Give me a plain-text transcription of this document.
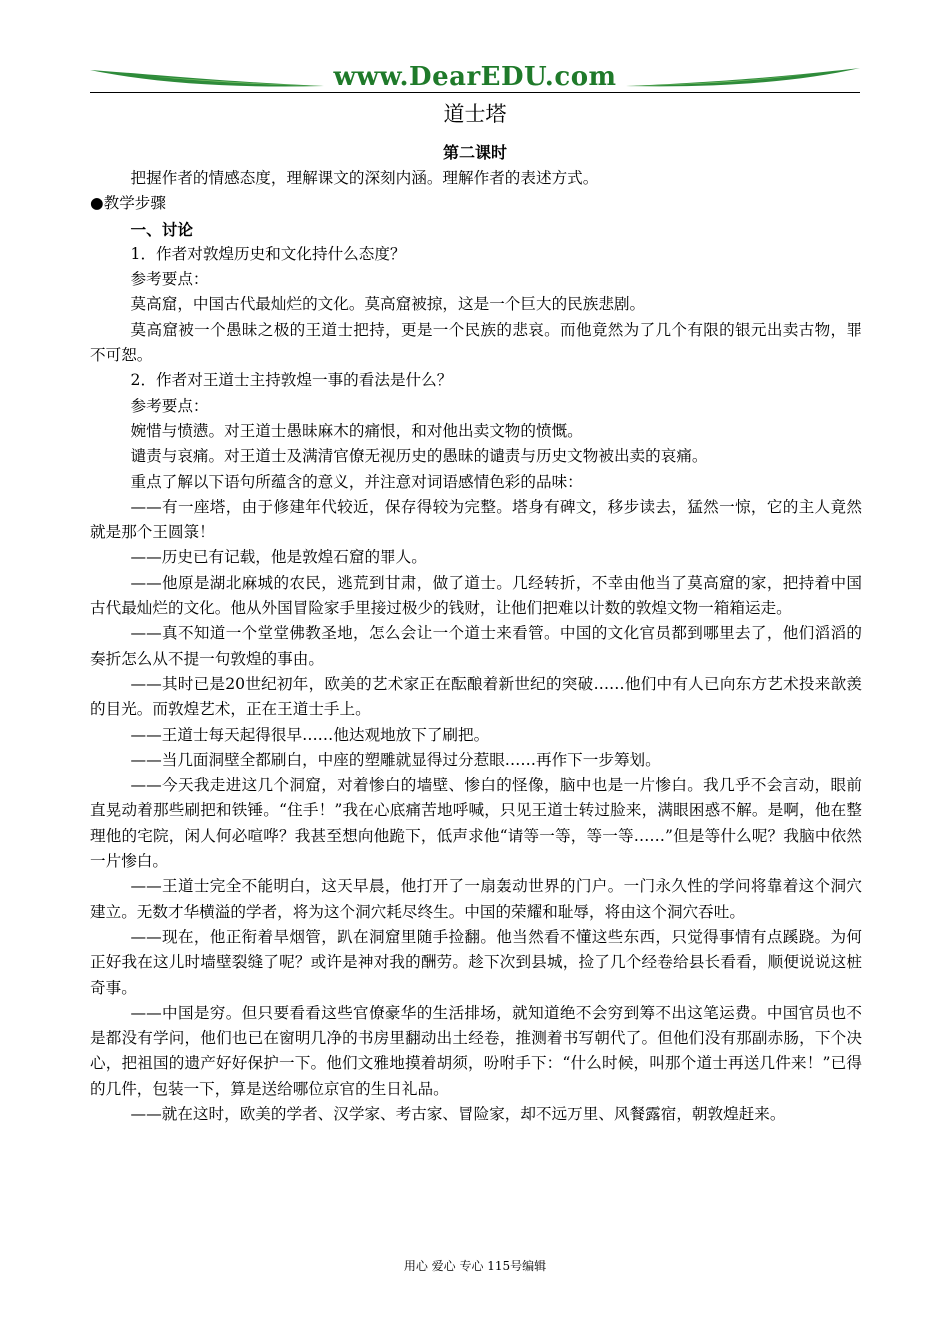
www.DearEDU.com
道士塔
第二课时

把握作者的情感态度，理解课文的深刻内涵。理解作者的表述方式。

●教学步骤

一、讨论

1．作者对敦煌历史和文化持什么态度？

参考要点：

莫高窟，中国古代最灿烂的文化。莫高窟被掠，这是一个巨大的民族悲剧。

莫高窟被一个愚昧之极的王道士把持，更是一个民族的悲哀。而他竟然为了几个有限的银元出卖古物，罪不可恕。

2．作者对王道士主持敦煌一事的看法是什么？

参考要点：

婉惜与愤懑。对王道士愚昧麻木的痛恨，和对他出卖文物的愤慨。

谴责与哀痛。对王道士及满清官僚无视历史的愚昧的谴责与历史文物被出卖的哀痛。

重点了解以下语句所蕴含的意义，并注意对词语感情色彩的品味：

——有一座塔，由于修建年代较近，保存得较为完整。塔身有碑文，移步读去，猛然一惊，它的主人竟然就是那个王圆箓！

——历史已有记载，他是敦煌石窟的罪人。

——他原是湖北麻城的农民，逃荒到甘肃，做了道士。几经转折，不幸由他当了莫高窟的家，把持着中国古代最灿烂的文化。他从外国冒险家手里接过极少的钱财，让他们把难以计数的敦煌文物一箱箱运走。

——真不知道一个堂堂佛教圣地，怎么会让一个道士来看管。中国的文化官员都到哪里去了，他们滔滔的奏折怎么从不提一句敦煌的事由。

——其时已是20世纪初年，欧美的艺术家正在酝酿着新世纪的突破……他们中有人已向东方艺术投来歆羡的目光。而敦煌艺术，正在王道士手上。

——王道士每天起得很早……他达观地放下了刷把。

——当几面洞壁全都刷白，中座的塑雕就显得过分惹眼……再作下一步筹划。

——今天我走进这几个洞窟，对着惨白的墙壁、惨白的怪像，脑中也是一片惨白。我几乎不会言动，眼前直晃动着那些刷把和铁锤。“住手！”我在心底痛苦地呼喊，只见王道士转过脸来，满眼困惑不解。是啊，他在整理他的宅院，闲人何必喧哗？我甚至想向他跪下，低声求他“请等一等，等一等……”但是等什么呢？我脑中依然一片惨白。

——王道士完全不能明白，这天早晨，他打开了一扇轰动世界的门户。一门永久性的学问将靠着这个洞穴建立。无数才华横溢的学者，将为这个洞穴耗尽终生。中国的荣耀和耻辱，将由这个洞穴吞吐。

——现在，他正衔着旱烟管，趴在洞窟里随手捡翻。他当然看不懂这些东西，只觉得事情有点蹊跷。为何正好我在这儿时墙壁裂缝了呢？或许是神对我的酬劳。趁下次到县城，捡了几个经卷给县长看看，顺便说说这桩奇事。

——中国是穷。但只要看看这些官僚豪华的生活排场，就知道绝不会穷到筹不出这笔运费。中国官员也不是都没有学问，他们也已在窗明几净的书房里翻动出土经卷，推测着书写朝代了。但他们没有那副赤肠，下个决心，把祖国的遗产好好保护一下。他们文雅地摸着胡须，吩咐手下：“什么时候，叫那个道士再送几件来！”已得的几件，包装一下，算是送给哪位京官的生日礼品。

——就在这时，欧美的学者、汉学家、考古家、冒险家，却不远万里、风餐露宿，朝敦煌赶来。

用心 爱心 专心 115号编辑
